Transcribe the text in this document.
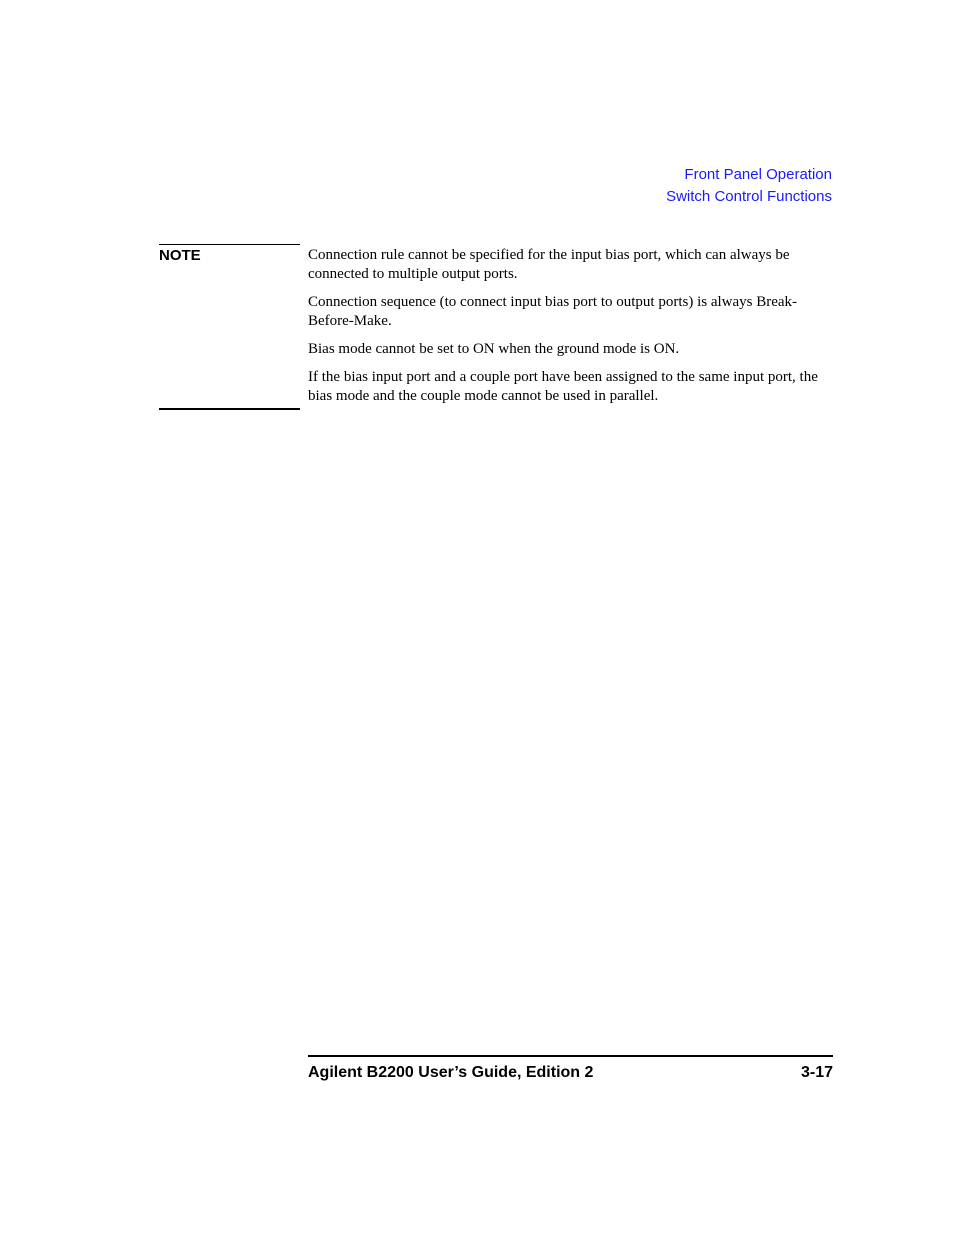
Front Panel Operation
Switch Control Functions
NOTE	Connection rule cannot be specified for the input bias port, which can always be connected to multiple output ports.

Connection sequence (to connect input bias port to output ports) is always Break-Before-Make.

Bias mode cannot be set to ON when the ground mode is ON.

If the bias input port and a couple port have been assigned to the same input port, the bias mode and the couple mode cannot be used in parallel.

Agilent B2200 User’s Guide, Edition 2	3-17
